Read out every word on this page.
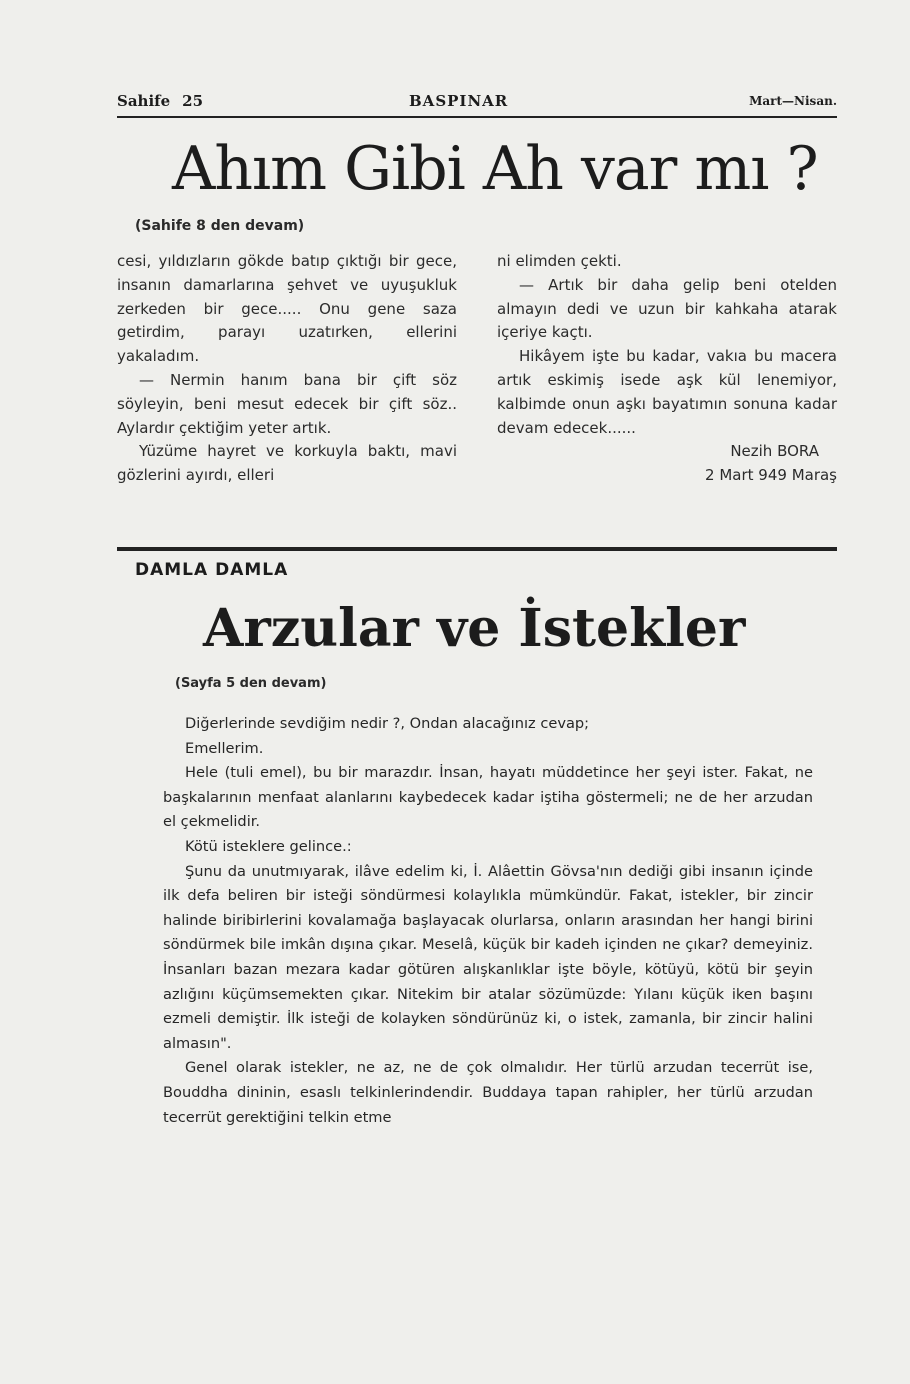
Sahife 25	BASPINAR	Mart—Nisan.
Ahım Gibi Ah var mı ?
(Sahife 8 den devam)

cesi, yıldızların gökde batıp çıktığı bir gece, insanın damarlarına şehvet ve uyuşukluk zerkeden bir gece..... Onu gene saza getirdim, parayı uzatırken, ellerini yakaladım.

— Nermin hanım bana bir çift söz söyleyin, beni mesut edecek bir çift söz.. Aylardır çektiğim yeter artık.

Yüzüme hayret ve korkuyla baktı, mavi gözlerini ayırdı, elleri

ni elimden çekti.

— Artık bir daha gelip beni otelden almayın dedi ve uzun bir kahkaha atarak içeriye kaçtı.

Hikâyem işte bu kadar, vakıa bu macera artık eskimiş isede aşk kül lenemiyor, kalbimde onun aşkı bayatımın sonuna kadar devam edecek......

Nezih BORA

2 Mart 949 Maraş

DAMLA DAMLA
Arzular ve İstekler
(Sayfa 5 den devam)

Diğerlerinde sevdiğim nedir ?, Ondan alacağınız cevap;

Emellerim.

Hele (tuli emel), bu bir marazdır. İnsan, hayatı müddetince her şeyi ister. Fakat, ne başkalarının menfaat alanlarını kaybedecek kadar iştiha göstermeli; ne de her arzudan el çekmelidir.

Kötü isteklere gelince.:

Şunu da unutmıyarak, ilâve edelim ki, İ. Alâettin Gövsa'nın dediği gibi insanın içinde ilk defa beliren bir isteği söndürmesi kolaylıkla mümkündür. Fakat, istekler, bir zincir halinde biribirlerini kovalamağa başlayacak olurlarsa, onların arasından her hangi birini söndürmek bile imkân dışına çıkar. Meselâ, küçük bir kadeh içinden ne çıkar? demeyiniz. İnsanları bazan mezara kadar götüren alışkanlıklar işte böyle, kötüyü, kötü bir şeyin azlığını küçümsemekten çıkar. Nitekim bir atalar sözümüzde: Yılanı küçük iken başını ezmeli demiştir. İlk isteği de kolayken söndürünüz ki, o istek, zamanla, bir zincir halini almasın".

Genel olarak istekler, ne az, ne de çok olmalıdır. Her türlü arzudan tecerrüt ise, Bouddha dininin, esaslı telkinlerindendir. Buddaya tapan rahipler, her türlü arzudan tecerrüt gerektiğini telkin etme
